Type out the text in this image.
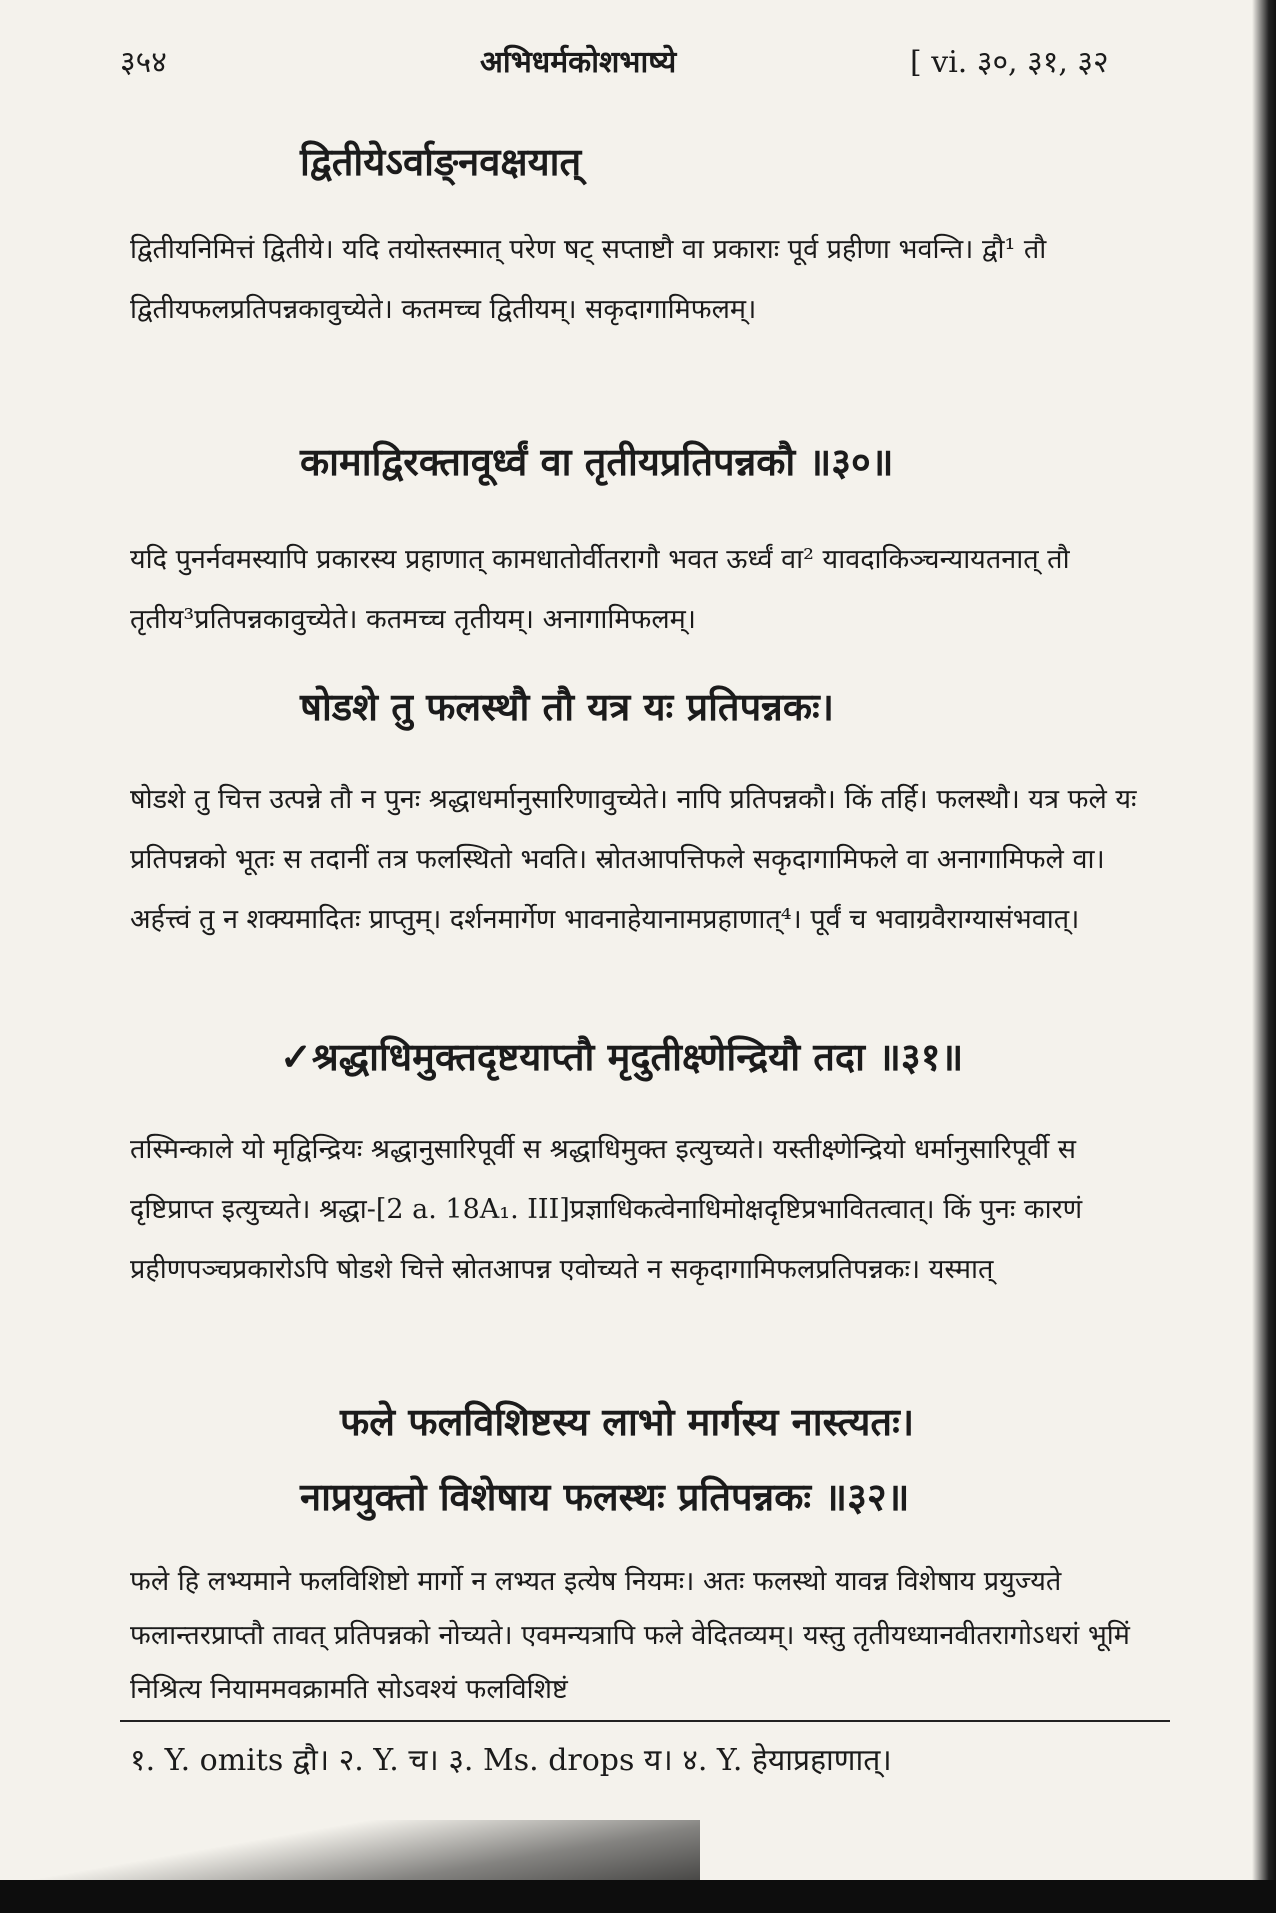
३५४	अभिधर्मकोशभाष्ये	[ vi. ३०, ३१, ३२
द्वितीयेऽर्वाङ्नवक्षयात्

द्वितीयनिमित्तं द्वितीये। यदि तयोस्तस्मात् परेण षट् सप्ताष्टौ वा प्रकाराः पूर्व प्रहीणा भवन्ति। द्वौ¹ तौ द्वितीयफलप्रतिपन्नकावुच्येते। कतमच्च द्वितीयम्। सकृदागामिफलम्।

कामाद्विरक्तावूर्ध्वं वा तृतीयप्रतिपन्नकौ ॥३०॥

यदि पुनर्नवमस्यापि प्रकारस्य प्रहाणात् कामधातोर्वीतरागौ भवत ऊर्ध्वं वा² यावदाकिञ्चन्यायतनात् तौ तृतीय³प्रतिपन्नकावुच्येते। कतमच्च तृतीयम्। अनागामिफलम्।

षोडशे तु फलस्थौ तौ यत्र यः प्रतिपन्नकः।

षोडशे तु चित्त उत्पन्ने तौ न पुनः श्रद्धाधर्मानुसारिणावुच्येते। नापि प्रतिपन्नकौ। किं तर्हि। फलस्थौ। यत्र फले यः प्रतिपन्नको भूतः स तदानीं तत्र फलस्थितो भवति। स्रोतआपत्तिफले सकृदागामिफले वा अनागामिफले वा। अर्हत्त्वं तु न शक्यमादितः प्राप्तुम्। दर्शनमार्गेण भावनाहेयानामप्रहाणात्⁴। पूर्वं च भवाग्रवैराग्यासंभवात्।

✓श्रद्धाधिमुक्तदृष्टयाप्तौ मृदुतीक्ष्णेन्द्रियौ तदा ॥३१॥

तस्मिन्काले यो मृद्विन्द्रियः श्रद्धानुसारिपूर्वी स श्रद्धाधिमुक्त इत्युच्यते। यस्तीक्ष्णेन्द्रियो धर्मानुसारिपूर्वी स दृष्टिप्राप्त इत्युच्यते। श्रद्धा-[2 a. 18A₁. III]प्रज्ञाधिकत्वेनाधिमोक्षदृष्टिप्रभावितत्वात्। किं पुनः कारणं प्रहीणपञ्चप्रकारोऽपि षोडशे चित्ते स्रोतआपन्न एवोच्यते न सकृदागामिफलप्रतिपन्नकः। यस्मात्

फले फलविशिष्टस्य लाभो मार्गस्य नास्त्यतः।
नाप्रयुक्तो विशेषाय फलस्थः प्रतिपन्नकः ॥३२॥

फले हि लभ्यमाने फलविशिष्टो मार्गो न लभ्यत इत्येष नियमः। अतः फलस्थो यावन्न विशेषाय प्रयुज्यते फलान्तरप्राप्तौ तावत् प्रतिपन्नको नोच्यते। एवमन्यत्रापि फले वेदितव्यम्। यस्तु तृतीयध्यानवीतरागोऽधरां भूमिं निश्रित्य नियाममवक्रामति सोऽवश्यं फलविशिष्टं

१. Y. omits द्वौ। २. Y. च। ३. Ms. drops य। ४. Y. हेयाप्रहाणात्।
